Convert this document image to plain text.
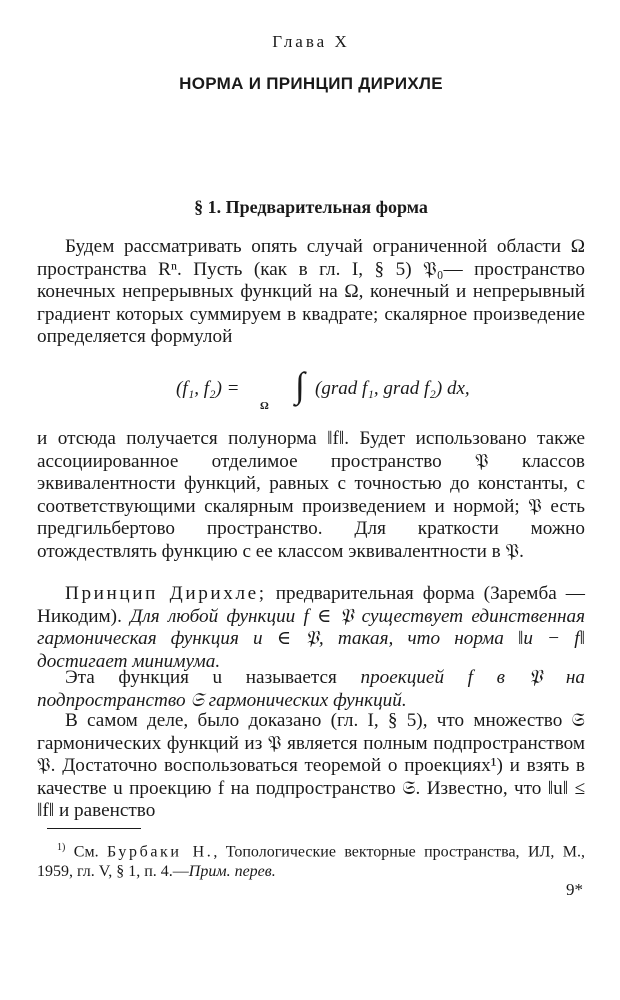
Глава X
НОРМА И ПРИНЦИП ДИРИХЛЕ
§ 1. Предварительная форма
Будем рассматривать опять случай ограниченной области Ω пространства Rⁿ. Пусть (как в гл. I, § 5) 𝔓₀— пространство конечных непрерывных функций на Ω, конечный и непрерывный градиент которых суммируем в квадрате; скалярное произведение определяется формулой
(f₁, f₂) = ∫
Ω
(grad f₁, grad f₂) dx,
и отсюда получается полунорма ‖f‖. Будет использовано также ассоциированное отделимое пространство 𝔓 классов эквивалентности функций, равных с точностью до константы, с соответствующими скалярным произведением и нормой; 𝔓 есть предгильбертово пространство. Для краткости можно отождествлять функцию с ее классом эквивалентности в 𝔓.
Принцип Дирихле; предварительная форма (Заремба — Никодим). Для любой функции f ∈ 𝔓 существует единственная гармоническая функция u ∈ 𝔓, такая, что норма ‖u − f‖ достигает минимума.
Эта функция u называется проекцией f в 𝔓 на подпространство 𝔖 гармонических функций.
В самом деле, было доказано (гл. I, § 5), что множество 𝔖 гармонических функций из 𝔓 является полным подпространством 𝔓. Достаточно воспользоваться теоремой о проекциях¹) и взять в качестве u проекцию f на подпространство 𝔖. Известно, что ‖u‖ ≤ ‖f‖ и равенство
$^{1)}$ См. Бурбаки Н., Топологические векторные пространства, ИЛ, М., 1959, гл. V, § 1, п. 4.—Прим. перев.
9*
